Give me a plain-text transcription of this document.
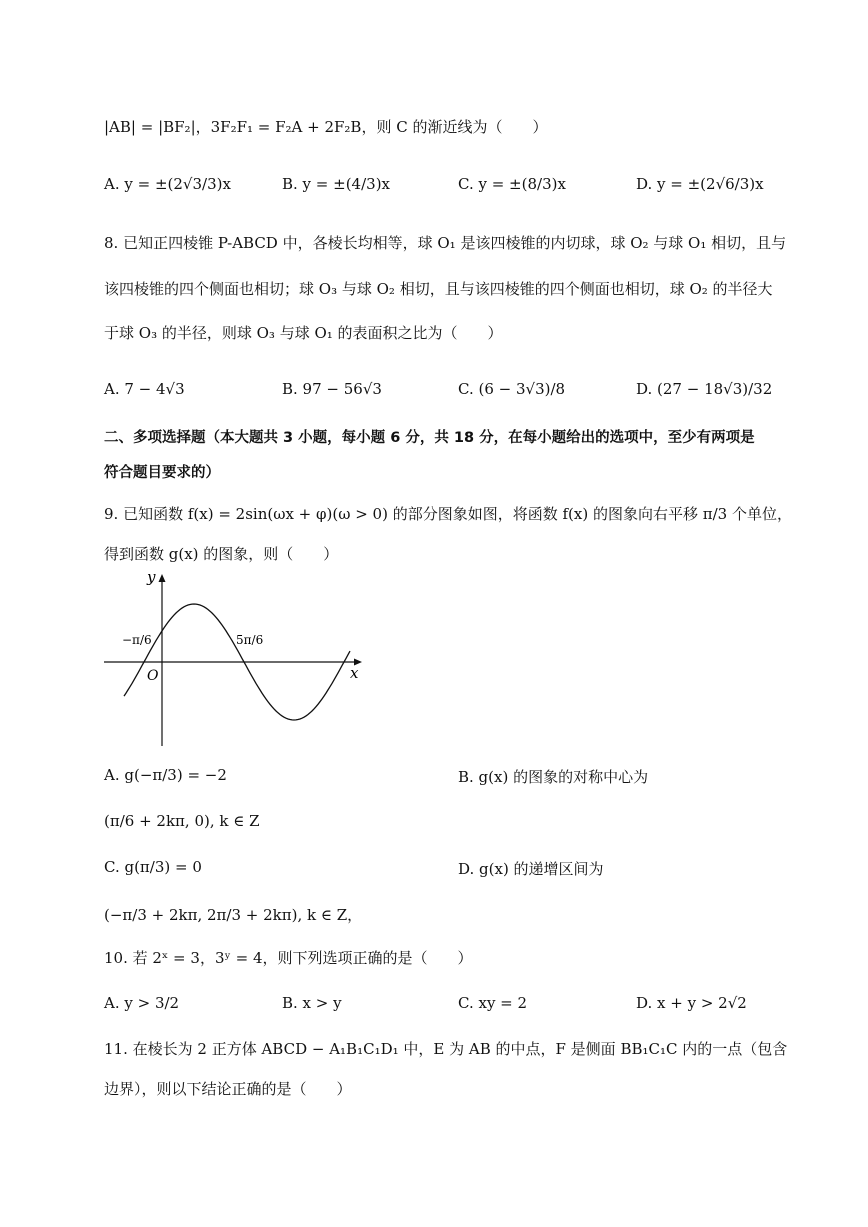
|AB| = |BF₂|，3F₂F₁ = F₂A + 2F₂B，则 C 的渐近线为（　　）
A. y = ±(2√3/3)x	B. y = ±(4/3)x	C. y = ±(8/3)x	D. y = ±(2√6/3)x
8. 已知正四棱锥 P-ABCD 中，各棱长均相等，球 O₁ 是该四棱锥的内切球，球 O₂ 与球 O₁ 相切，且与
该四棱锥的四个侧面也相切；球 O₃ 与球 O₂ 相切，且与该四棱锥的四个侧面也相切，球 O₂ 的半径大
于球 O₃ 的半径，则球 O₃ 与球 O₁ 的表面积之比为（　　）
A. 7 − 4√3	B. 97 − 56√3	C. (6 − 3√3)/8	D. (27 − 18√3)/32
二、多项选择题（本大题共 3 小题，每小题 6 分，共 18 分，在每小题给出的选项中，至少有两项是
符合题目要求的）
9. 已知函数 f(x) = 2sin(ωx + φ)(ω > 0) 的部分图象如图，将函数 f(x) 的图象向右平移 π/3 个单位，
得到函数 g(x) 的图象，则（　　）
y
x
O
−π/6	5π/6
A. g(−π/3) = −2	B. g(x) 的图象的对称中心为
(π/6 + 2kπ, 0), k ∈ Z
C. g(π/3) = 0	D. g(x) 的递增区间为
(−π/3 + 2kπ, 2π/3 + 2kπ), k ∈ Z，
10. 若 2ˣ = 3，3ʸ = 4，则下列选项正确的是（　　）
A. y > 3/2	B. x > y	C. xy = 2	D. x + y > 2√2
11. 在棱长为 2 正方体 ABCD − A₁B₁C₁D₁ 中，E 为 AB 的中点，F 是侧面 BB₁C₁C 内的一点（包含
边界），则以下结论正确的是（　　）
